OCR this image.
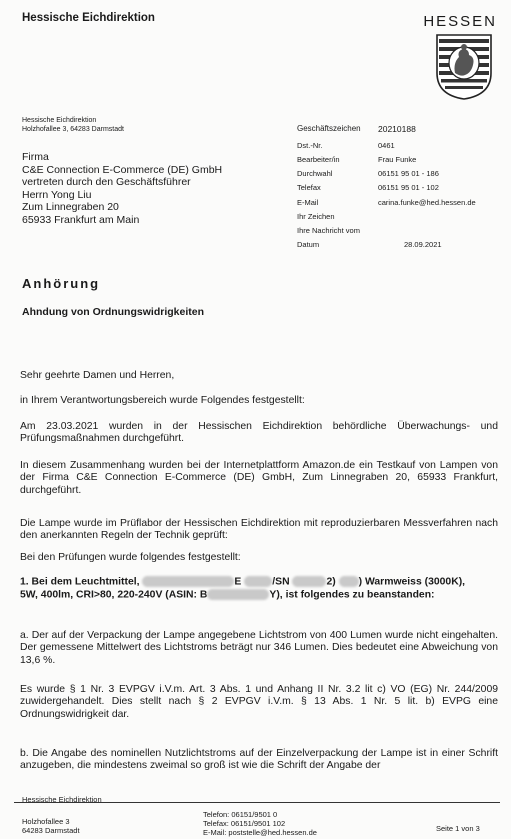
Hessische Eichdirektion	HESSEN
Hessische Eichdirektion
Holzhofallee 3, 64283 Darmstadt
Firma
C&E Connection E-Commerce (DE) GmbH
vertreten durch den Geschäftsführer
Herrn Yong Liu
Zum Linnegraben 20
65933 Frankfurt am Main
Geschäftszeichen 20210188
Dst.-Nr.	0461
Bearbeiter/in	Frau Funke
Durchwahl	06151 95 01 - 186
Telefax	06151 95 01 - 102
E-Mail	carina.funke@hed.hessen.de
Ihr Zeichen
Ihre Nachricht vom
Datum	28.09.2021
Anhörung
Ahndung von Ordnungswidrigkeiten
Sehr geehrte Damen und Herren,
in Ihrem Verantwortungsbereich wurde Folgendes festgestellt:
Am 23.03.2021 wurden in der Hessischen Eichdirektion behördliche Überwachungs- und Prüfungsmaßnahmen durchgeführt.
In diesem Zusammenhang wurden bei der Internetplattform Amazon.de ein Testkauf von Lampen von der Firma C&E Connection E-Commerce (DE) GmbH, Zum Linnegraben 20, 65933 Frankfurt, durchgeführt.
Die Lampe wurde im Prüflabor der Hessischen Eichdirektion mit reproduzierbaren Messverfahren nach den anerkannten Regeln der Technik geprüft:
Bei den Prüfungen wurde folgendes festgestellt:
1. Bei dem Leuchtmittel,	E	/SN	2) ) Warmweiss (3000K),
5W, 400lm, CRI>80, 220-240V (ASIN: B	Y), ist folgendes zu beanstanden:
a. Der auf der Verpackung der Lampe angegebene Lichtstrom von 400 Lumen wurde nicht eingehalten. Der gemessene Mittelwert des Lichtstroms beträgt nur 346 Lumen. Dies bedeutet eine Abweichung von 13,6 %.
Es wurde § 1 Nr. 3 EVPGV i.V.m. Art. 3 Abs. 1 und Anhang II Nr. 3.2 lit c) VO (EG) Nr. 244/2009 zuwidergehandelt. Dies stellt nach § 2 EVPGV i.V.m. § 13 Abs. 1 Nr. 5 lit. b) EVPG eine Ordnungswidrigkeit dar.
b. Die Angabe des nominellen Nutzlichtstroms auf der Einzelverpackung der Lampe ist in einer Schrift anzugeben, die mindestens zweimal so groß ist wie die Schrift der Angabe der
Hessische Eichdirektion
Holzhofallee 3
64283 Darmstadt
Telefon: 06151/9501 0
Telefax: 06151/9501 102
E-Mail: poststelle@hed.hessen.de	Seite 1 von 3
